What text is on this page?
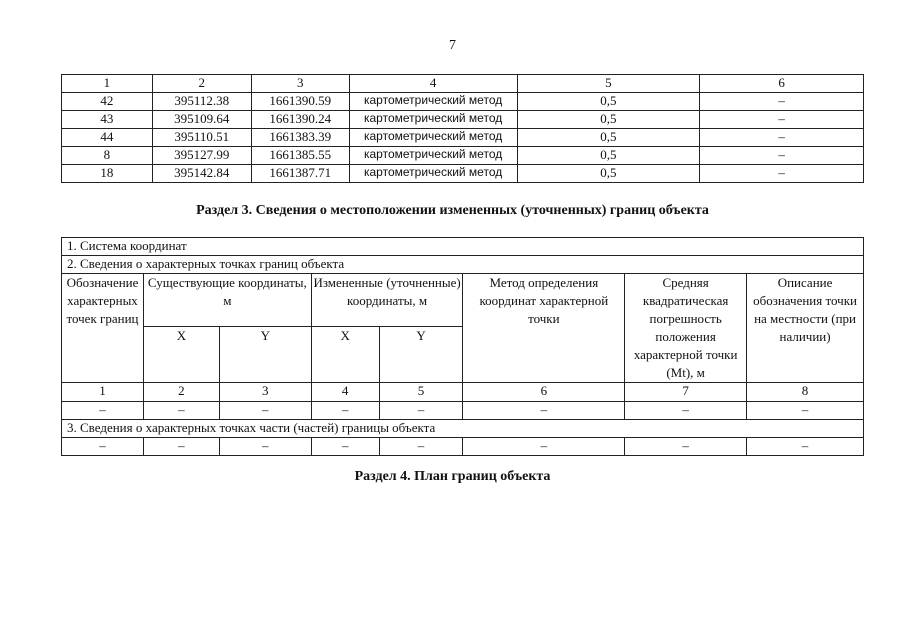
7
1	2	3	4	5	6
42	395112.38	1661390.59	картометрический метод	0,5	–
43	395109.64	1661390.24	картометрический метод	0,5	–
44	395110.51	1661383.39	картометрический метод	0,5	–
8	395127.99	1661385.55	картометрический метод	0,5	–
18	395142.84	1661387.71	картометрический метод	0,5	–
Раздел 3. Сведения о местоположении измененных (уточненных) границ объекта
1. Система координат							
2. Сведения о характерных точках границ объекта							
Обозначение характерных точек границ	Существующие координаты, м		Измененные (уточненные) координаты, м		Метод определения координат характерной точки	Средняя квадратическая погрешность положения характерной точки (Mt), м	Описание обозначения точки на местности (при наличии)
	X	Y	X	Y			
1	2	3	4	5	6	7	8
–	–	–	–	–	–	–	–
3. Сведения о характерных точках части (частей) границы объекта							
–	–	–	–	–	–	–	–
Раздел 4. План границ объекта
